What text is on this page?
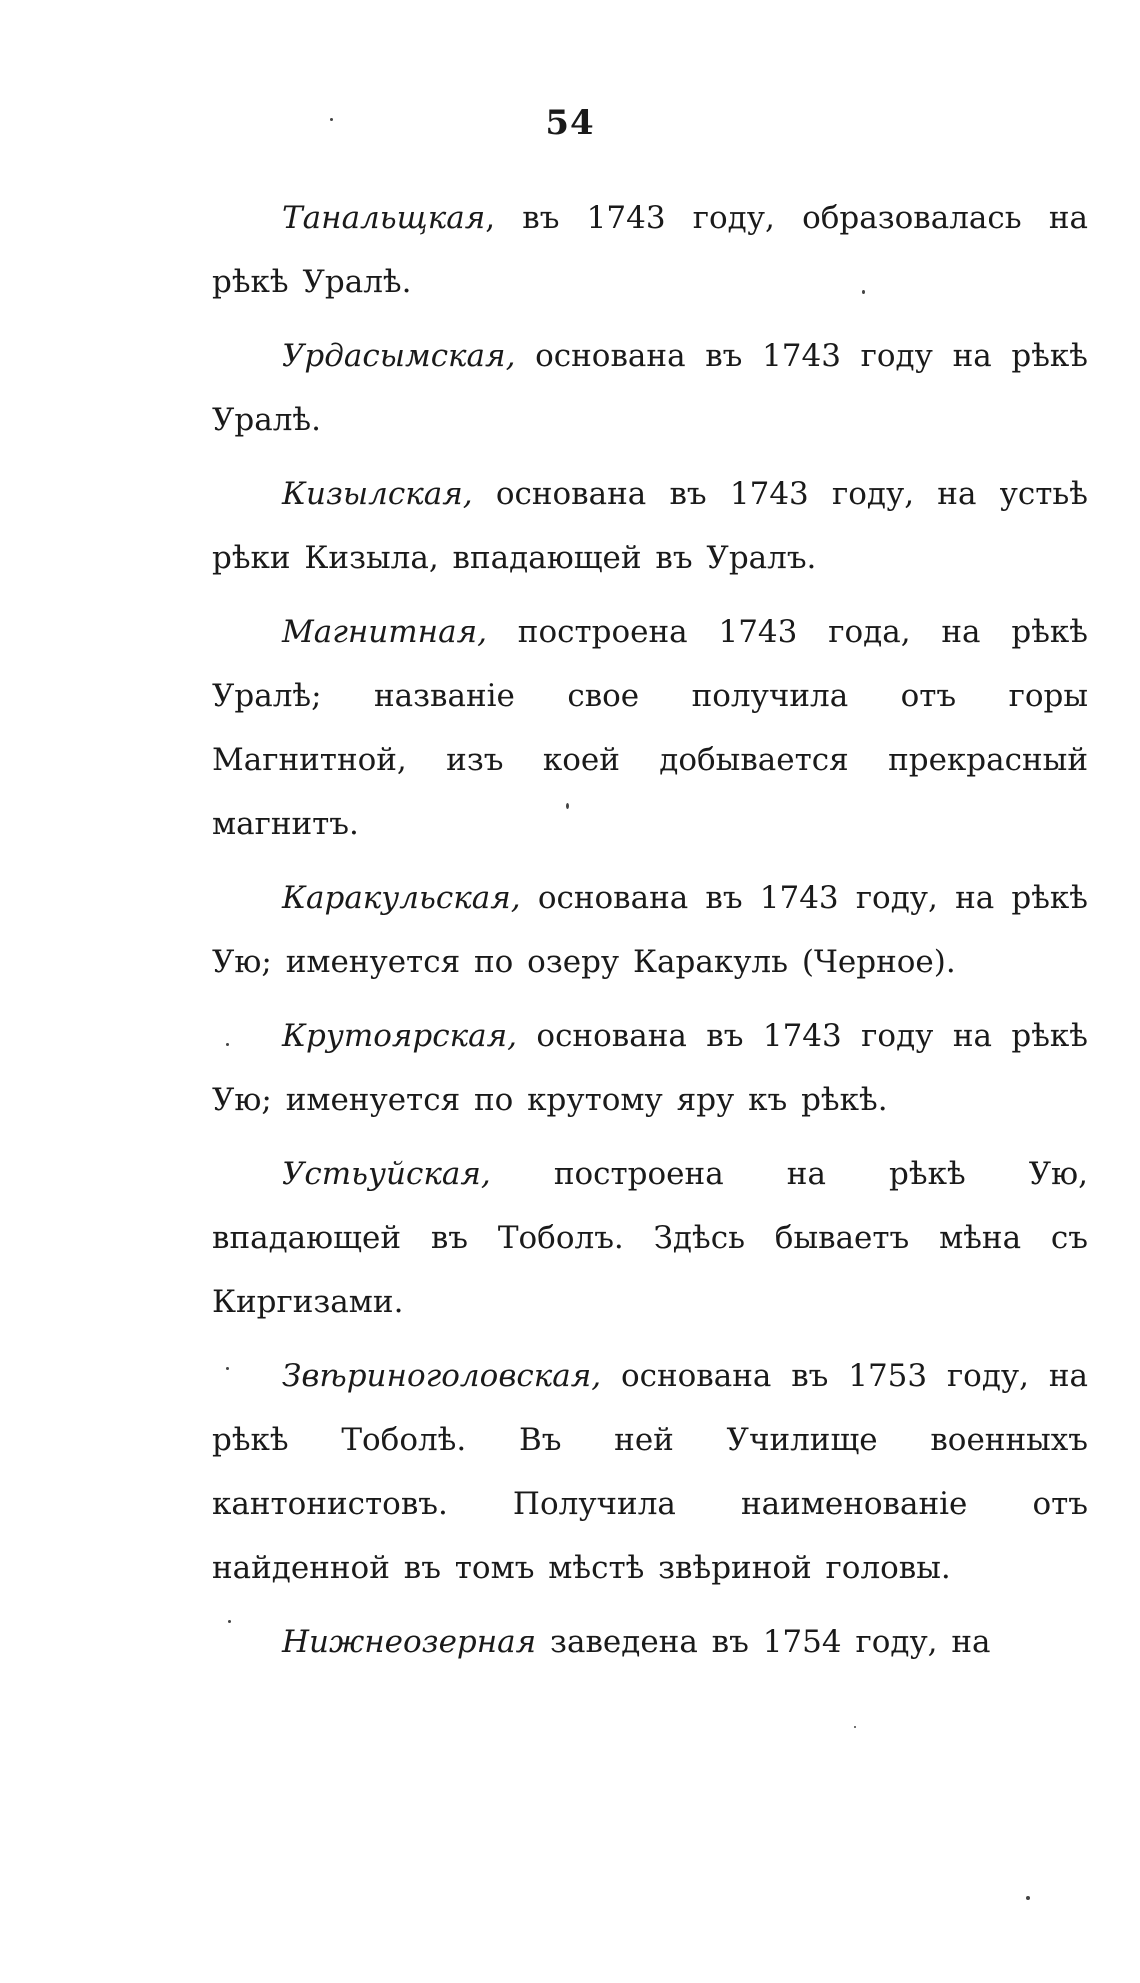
54

Танальщкая, въ 1743 году, образовалась на рѣкѣ Уралѣ.

Урдасымская, основана въ 1743 году на рѣкѣ Уралѣ.

Кизылская, основана въ 1743 году, на устьѣ рѣки Кизыла, впадающей въ Уралъ.

Магнитная, построена 1743 года, на рѣкѣ Уралѣ; названіе свое получила отъ горы Магнитной, изъ коей добывается прекрасный магнитъ.

Каракульская, основана въ 1743 году, на рѣкѣ Ую; именуется по озеру Каракуль (Черное).

Крутоярская, основана въ 1743 году на рѣкѣ Ую; именуется по крутому яру къ рѣкѣ.

Устьуйская, построена на рѣкѣ Ую, впадающей въ Тоболъ. Здѣсь бываетъ мѣна съ Киргизами.

Звѣриноголовская, основана въ 1753 году, на рѣкѣ Тоболѣ. Въ ней Училище военныхъ кантонистовъ. Получила наименованіе отъ найденной въ томъ мѣстѣ звѣриной головы.

Нижнеозерная заведена въ 1754 году, на
